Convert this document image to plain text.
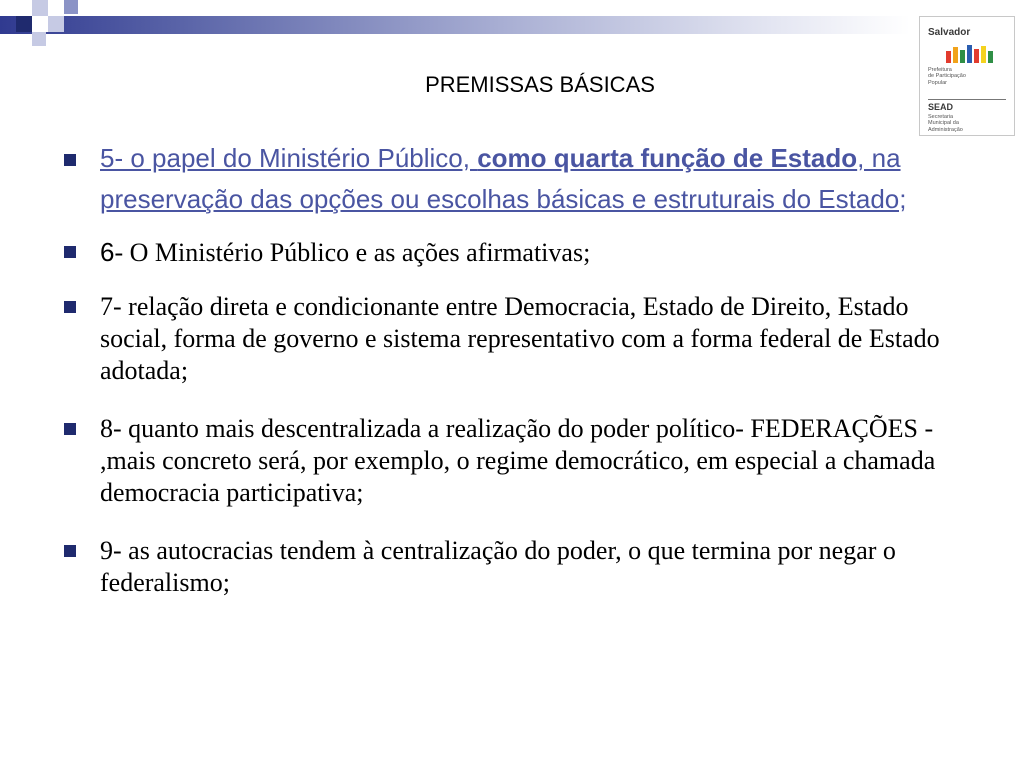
PREMISSAS BÁSICAS
Salvador
Prefeitura
de Participação
Popular
SEAD
Secretaria
Municipal da
Administração
5- o papel do Ministério Público, como quarta função de Estado, na preservação das opções ou escolhas básicas e estruturais do Estado;
6- O Ministério Público e as ações afirmativas;
7- relação direta e condicionante entre Democracia, Estado de Direito, Estado social, forma de governo e sistema representativo com a forma federal de Estado adotada;
8- quanto mais descentralizada a realização do poder político- FEDERAÇÕES - ,mais concreto será, por exemplo, o regime democrático, em especial a chamada democracia participativa;
9- as autocracias tendem à centralização do poder, o que termina por negar o federalismo;
